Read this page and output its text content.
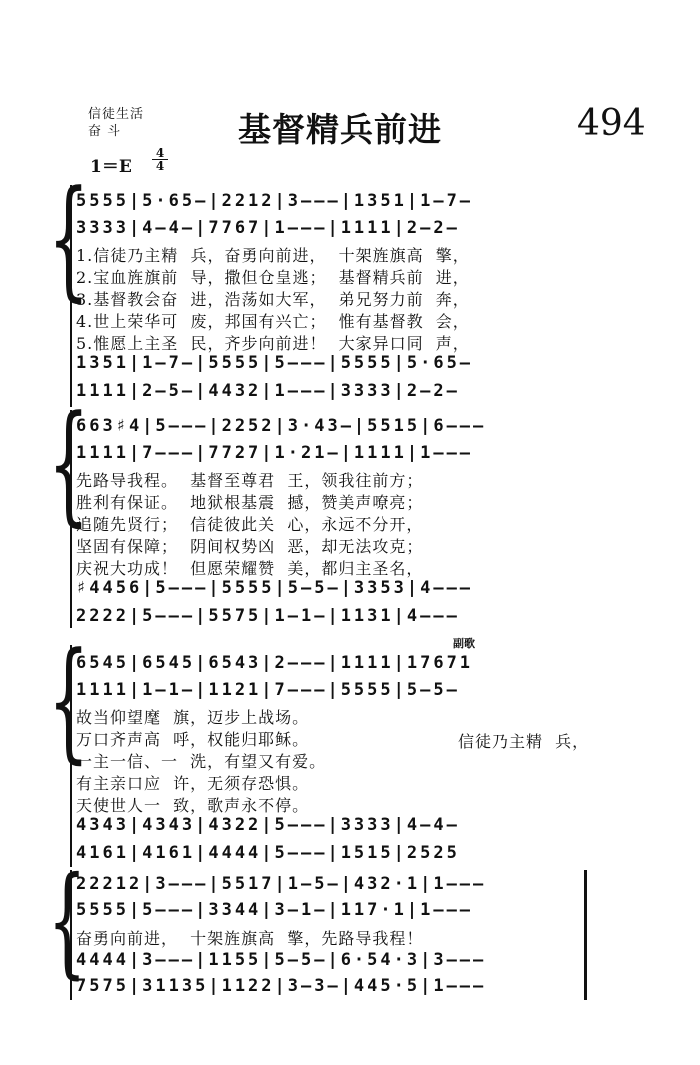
信徒生活
奋 斗	基督精兵前进	494
1＝E
4
4
{
5555|5·65—|2212|3———|1351|1—7—
3333|4—4—|7767|1———|1111|2—2—
1.信徒乃主精  兵，奋勇向前进，  十架旌旗高  擎，
2.宝血旌旗前  导，撒但仓皇逃；  基督精兵前  进，
3.基督教会奋  进，浩荡如大军，  弟兄努力前  奔，
4.世上荣华可  废，邦国有兴亡；  惟有基督教  会，
5.惟愿上主圣  民，齐步向前进！  大家异口同  声，
1351|1—7—|5555|5———|5555|5·65—
1111|2—5—|4432|1———|3333|2—2—
{
663♯4|5———|2252|3·43—|5515|6———
1111|7———|7727|1·21—|1111|1———
先路导我程。  基督至尊君  王，领我往前方；
胜利有保证。  地狱根基震  撼，赞美声嘹亮；
追随先贤行；  信徒彼此关  心，永远不分开，
坚固有保障；  阴间权势凶  恶，却无法攻克；
庆祝大功成！  但愿荣耀赞  美，都归主圣名，
♯4456|5———|5555|5—5—|3353|4———
2222|5———|5575|1—1—|1131|4———
副歌
{
6545|6545|6543|2———|1111|17671
1111|1—1—|1121|7———|5555|5—5—
故当仰望麾  旗，迈步上战场。
万口齐声高  呼，权能归耶稣。
一主一信、一  洗，有望又有爱。
有主亲口应  许，无须存恐惧。
天使世人一  致，歌声永不停。
信徒乃主精  兵，
4343|4343|4322|5———|3333|4—4—
4161|4161|4444|5———|1515|2525
{
22212|3———|5517|1—5—|432·1|1———
5555|5———|3344|3—1—|117·1|1———
奋勇向前进，  十架旌旗高  擎，先路导我程！
4444|3———|1155|5—5—|6·54·3|3———
7575|31135|1122|3—3—|445·5|1———
